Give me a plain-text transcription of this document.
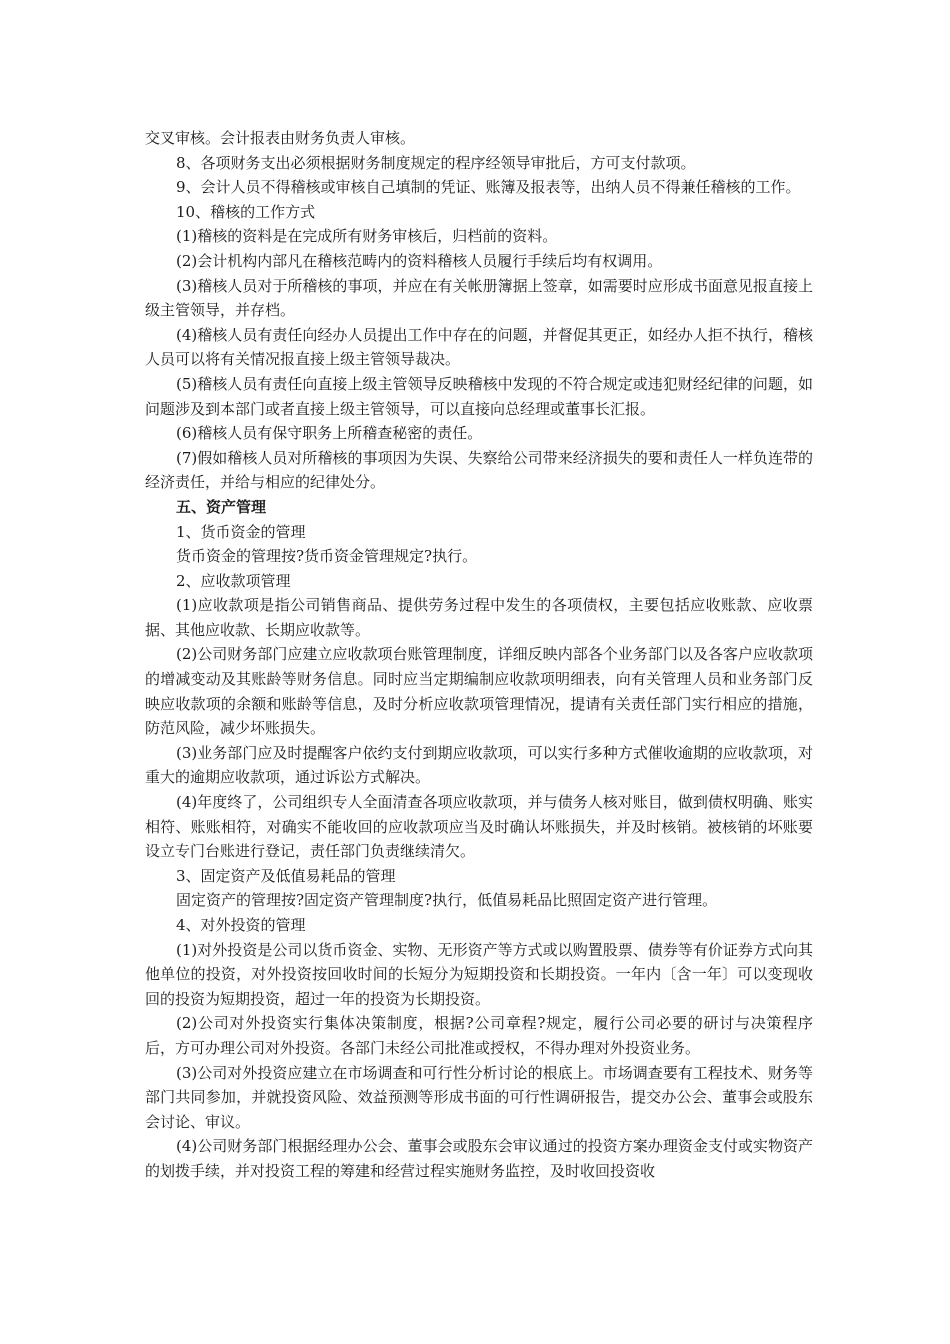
交叉审核。会计报表由财务负责人审核。

8、各项财务支出必须根据财务制度规定的程序经领导审批后，方可支付款项。

9、会计人员不得稽核或审核自己填制的凭证、账簿及报表等，出纳人员不得兼任稽核的工作。

10、稽核的工作方式

(1)稽核的资料是在完成所有财务审核后，归档前的资料。

(2)会计机构内部凡在稽核范畴内的资料稽核人员履行手续后均有权调用。

(3)稽核人员对于所稽核的事项，并应在有关帐册簿据上签章，如需要时应形成书面意见报直接上级主管领导，并存档。

(4)稽核人员有责任向经办人员提出工作中存在的问题，并督促其更正，如经办人拒不执行，稽核人员可以将有关情况报直接上级主管领导裁决。

(5)稽核人员有责任向直接上级主管领导反映稽核中发现的不符合规定或违犯财经纪律的问题，如问题涉及到本部门或者直接上级主管领导，可以直接向总经理或董事长汇报。

(6)稽核人员有保守职务上所稽查秘密的责任。

(7)假如稽核人员对所稽核的事项因为失误、失察给公司带来经济损失的要和责任人一样负连带的经济责任，并给与相应的纪律处分。

五、资产管理

1、货币资金的管理

货币资金的管理按?货币资金管理规定?执行。

2、应收款项管理

(1)应收款项是指公司销售商品、提供劳务过程中发生的各项债权，主要包括应收账款、应收票据、其他应收款、长期应收款等。

(2)公司财务部门应建立应收款项台账管理制度，详细反映内部各个业务部门以及各客户应收款项的增减变动及其账龄等财务信息。同时应当定期编制应收款项明细表，向有关管理人员和业务部门反映应收款项的余额和账龄等信息，及时分析应收款项管理情况，提请有关责任部门实行相应的措施，防范风险，减少坏账损失。

(3)业务部门应及时提醒客户依约支付到期应收款项，可以实行多种方式催收逾期的应收款项，对重大的逾期应收款项，通过诉讼方式解决。

(4)年度终了，公司组织专人全面清查各项应收款项，并与债务人核对账目，做到债权明确、账实相符、账账相符，对确实不能收回的应收款项应当及时确认坏账损失，并及时核销。被核销的坏账要设立专门台账进行登记，责任部门负责继续清欠。

3、固定资产及低值易耗品的管理

固定资产的管理按?固定资产管理制度?执行，低值易耗品比照固定资产进行管理。

4、对外投资的管理

(1)对外投资是公司以货币资金、实物、无形资产等方式或以购置股票、债券等有价证券方式向其他单位的投资，对外投资按回收时间的长短分为短期投资和长期投资。一年内〔含一年〕可以变现收回的投资为短期投资，超过一年的投资为长期投资。

(2)公司对外投资实行集体决策制度，根据?公司章程?规定，履行公司必要的研讨与决策程序后，方可办理公司对外投资。各部门未经公司批准或授权，不得办理对外投资业务。

(3)公司对外投资应建立在市场调查和可行性分析讨论的根底上。市场调查要有工程技术、财务等部门共同参加，并就投资风险、效益预测等形成书面的可行性调研报告，提交办公会、董事会或股东会讨论、审议。

(4)公司财务部门根据经理办公会、董事会或股东会审议通过的投资方案办理资金支付或实物资产的划拨手续，并对投资工程的筹建和经营过程实施财务监控，及时收回投资收
